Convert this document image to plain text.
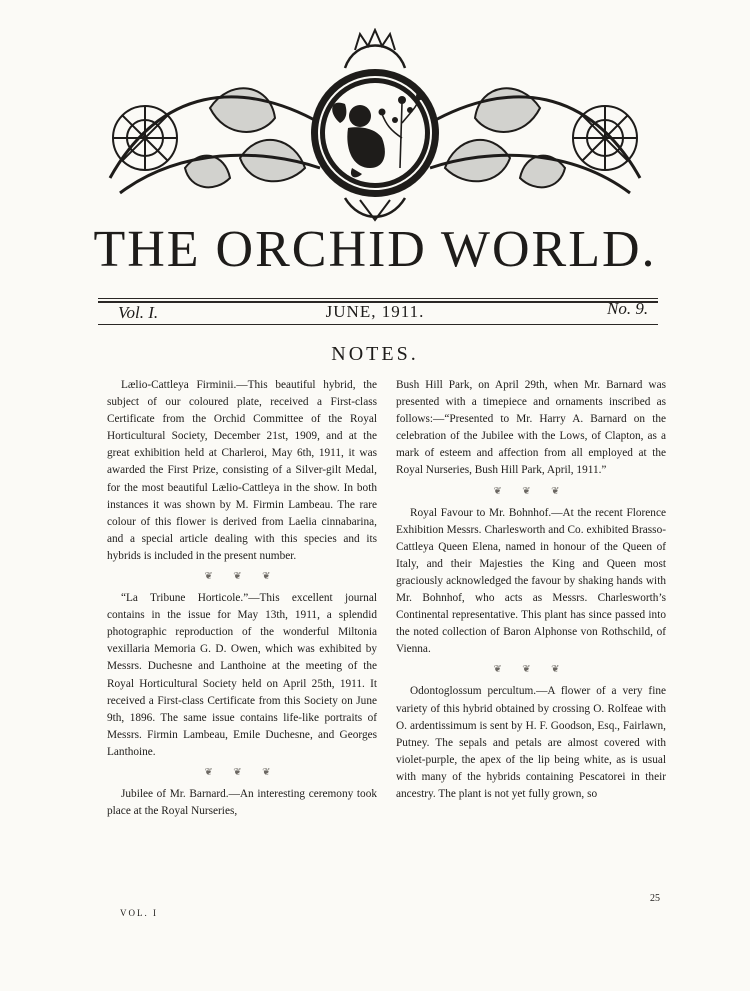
THE ORCHID WORLD.
Vol. I.	JUNE, 1911.	No. 9.
NOTES.

Lælio-Cattleya Firminii.—This beautiful hybrid, the subject of our coloured plate, received a First-class Certificate from the Orchid Committee of the Royal Horticultural Society, December 21st, 1909, and at the great exhibition held at Charleroi, May 6th, 1911, it was awarded the First Prize, consisting of a Silver-gilt Medal, for the most beautiful Lælio-Cattleya in the show. In both instances it was shown by M. Firmin Lambeau. The rare colour of this flower is derived from Laelia cinnabarina, and a special article dealing with this species and its hybrids is included in the present number.

❦ ❦ ❦

“La Tribune Horticole.”—This excellent journal contains in the issue for May 13th, 1911, a splendid photographic reproduction of the wonderful Miltonia vexillaria Memoria G. D. Owen, which was exhibited by Messrs. Duchesne and Lanthoine at the meeting of the Royal Horticultural Society held on April 25th, 1911. It received a First-class Certificate from this Society on June 9th, 1896. The same issue contains life-like portraits of Messrs. Firmin Lambeau, Emile Duchesne, and Georges Lanthoine.

❦ ❦ ❦

Jubilee of Mr. Barnard.—An interesting ceremony took place at the Royal Nurseries,

Bush Hill Park, on April 29th, when Mr. Barnard was presented with a timepiece and ornaments inscribed as follows:—“Presented to Mr. Harry A. Barnard on the celebration of the Jubilee with the Lows, of Clapton, as a mark of esteem and affection from all employed at the Royal Nurseries, Bush Hill Park, April, 1911.”

❦ ❦ ❦

Royal Favour to Mr. Bohnhof.—At the recent Florence Exhibition Messrs. Charlesworth and Co. exhibited Brasso-Cattleya Queen Elena, named in honour of the Queen of Italy, and their Majesties the King and Queen most graciously acknowledged the favour by shaking hands with Mr. Bohnhof, who acts as Messrs. Charlesworth’s Continental representative. This plant has since passed into the noted collection of Baron Alphonse von Rothschild, of Vienna.

❦ ❦ ❦

Odontoglossum percultum.—A flower of a very fine variety of this hybrid obtained by crossing O. Rolfeae with O. ardentissimum is sent by H. F. Goodson, Esq., Fairlawn, Putney. The sepals and petals are almost covered with violet-purple, the apex of the lip being white, as is usual with many of the hybrids containing Pescatorei in their ancestry. The plant is not yet fully grown, so

VOL. I
25
